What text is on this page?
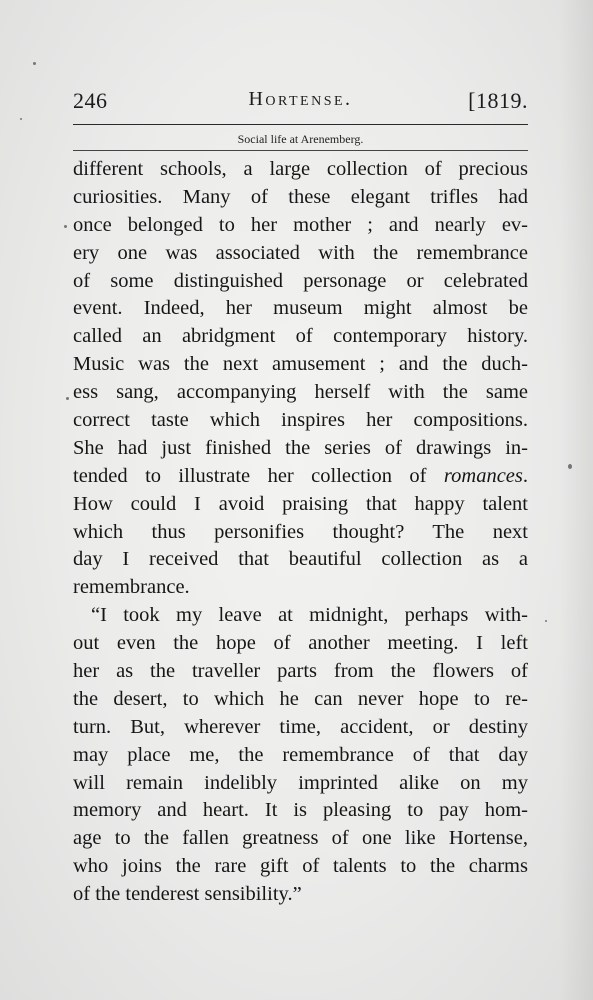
246	Hortense.	[1819.
Social life at Arenemberg.
different schools, a large collection of precious
curiosities. Many of these elegant trifles had
once belonged to her mother ; and nearly ev-
ery one was associated with the remembrance
of some distinguished personage or celebrated
event. Indeed, her museum might almost be
called an abridgment of contemporary history.
Music was the next amusement ; and the duch-
ess sang, accompanying herself with the same
correct taste which inspires her compositions.
She had just finished the series of drawings in-
tended to illustrate her collection of romances.
How could I avoid praising that happy talent
which thus personifies thought? The next
day I received that beautiful collection as a
remembrance.
“I took my leave at midnight, perhaps with-
out even the hope of another meeting. I left
her as the traveller parts from the flowers of
the desert, to which he can never hope to re-
turn. But, wherever time, accident, or destiny
may place me, the remembrance of that day
will remain indelibly imprinted alike on my
memory and heart. It is pleasing to pay hom-
age to the fallen greatness of one like Hortense,
who joins the rare gift of talents to the charms
of the tenderest sensibility.”
